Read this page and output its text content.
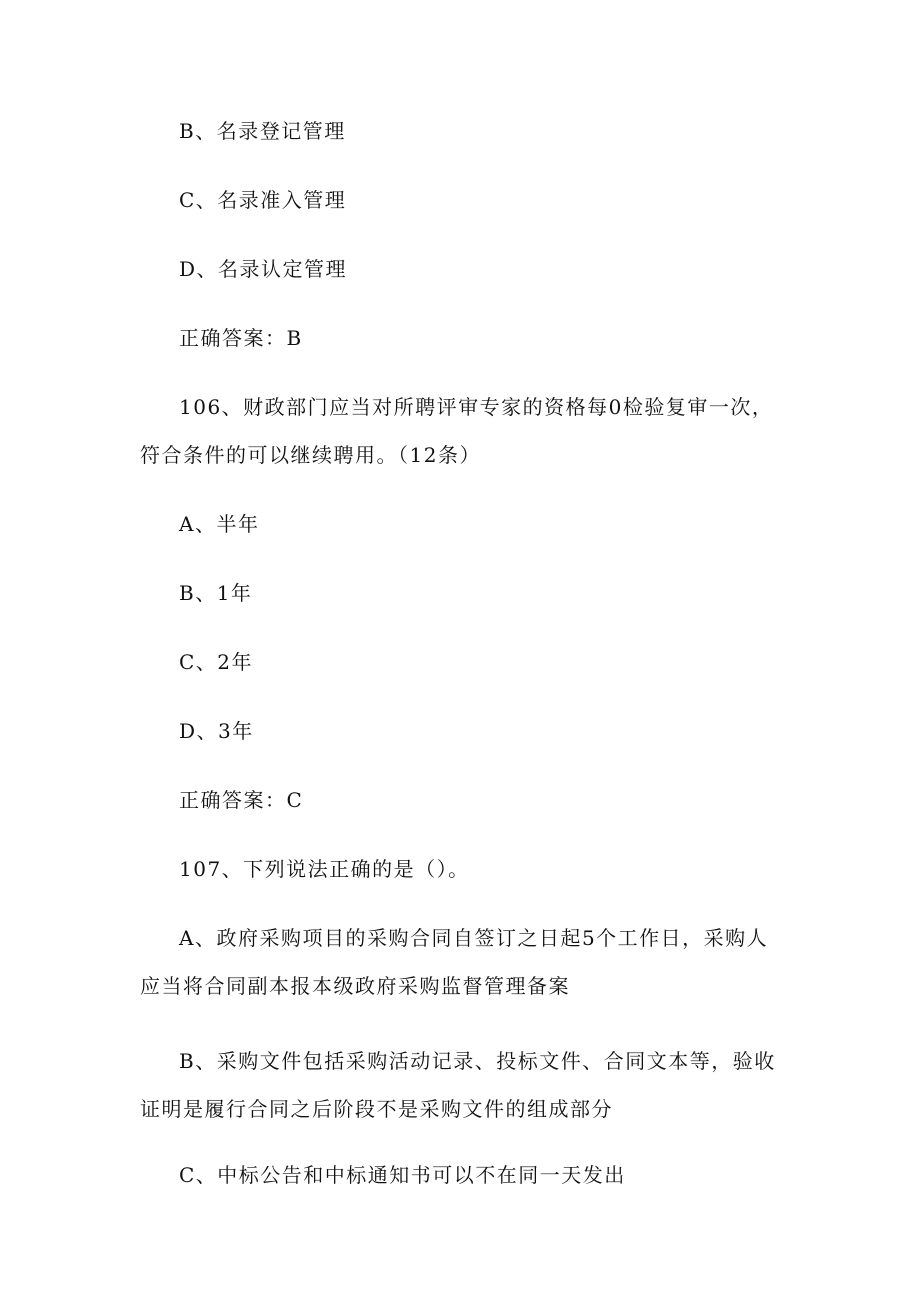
B、名录登记管理
C、名录准入管理
D、名录认定管理
正确答案：B
106、财政部门应当对所聘评审专家的资格每0检验复审一次，
符合条件的可以继续聘用。（12条）
A、半年
B、1年
C、2年
D、3年
正确答案：C
107、下列说法正确的是（）。
A、政府采购项目的采购合同自签订之日起5个工作日，采购人
应当将合同副本报本级政府采购监督管理备案
B、采购文件包括采购活动记录、投标文件、合同文本等，验收
证明是履行合同之后阶段不是采购文件的组成部分
C、中标公告和中标通知书可以不在同一天发出
